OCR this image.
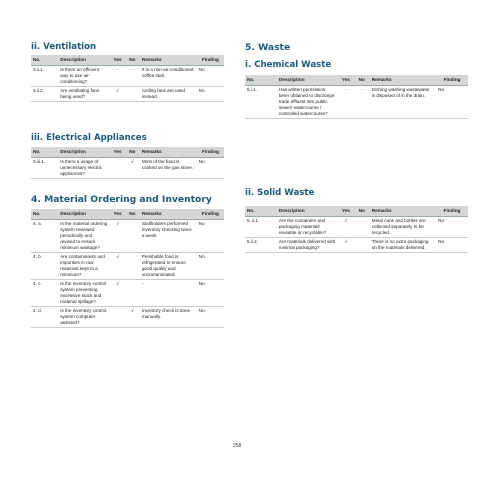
ii. Ventilation
No.	Description	Yes	No	Remarks	Finding
3.ii.1.	Is there an efficient way to use air-conditioning?	-	-	It is a non-air-conditioned coffee stall.	No
3.ii.2.	Are ventilating fans being used?	√		Ceiling fans are used instead.	No
iii. Electrical Appliances
No.	Description	Yes	No	Remarks	Finding
3.iii.1.	Is there a usage of unnecessary electric appliances?		√	Most of the food is cooked on the gas stove.	No
4. Material Ordering and Inventory
No.	Description	Yes	No	Remarks	Finding
4. a.	Is the material ordering system reviewed periodically and revised to ensure minimum wastage?	√		Stallholders performed inventory checking twice a week.	No
4. b.	Are contaminants and impurities in raw materials kept to a minimum?	√		Perishable food is refrigerated to ensure good quality and uncontaminated.	No
4. c.	Is the inventory control system preventing excessive stock and material spillage?	√		-	No
4. d.	Is the inventory control system computer-assisted?		√	Inventory check is done manually.	No
5. Waste
i. Chemical Waste
No.	Description	Yes	No	Remarks	Finding
5.i.1.	Has written permission been obtained to discharge trade effluent into public sewer/ watercourse / controlled watercourse?	-	-	Dishing washing wastewater is disposed of in the drain.	No
ii. Solid Waste
No.	Description	Yes	No	Remarks	Finding
5. ii.1.	Are the containers and packaging materials reusable or recyclable?	√		Metal cans and bottles are collected separately to be recycled.	No
5.ii.2.	Are materials delivered with minimal packaging?	√		There is no extra packaging on the materials delivered.	No
258
